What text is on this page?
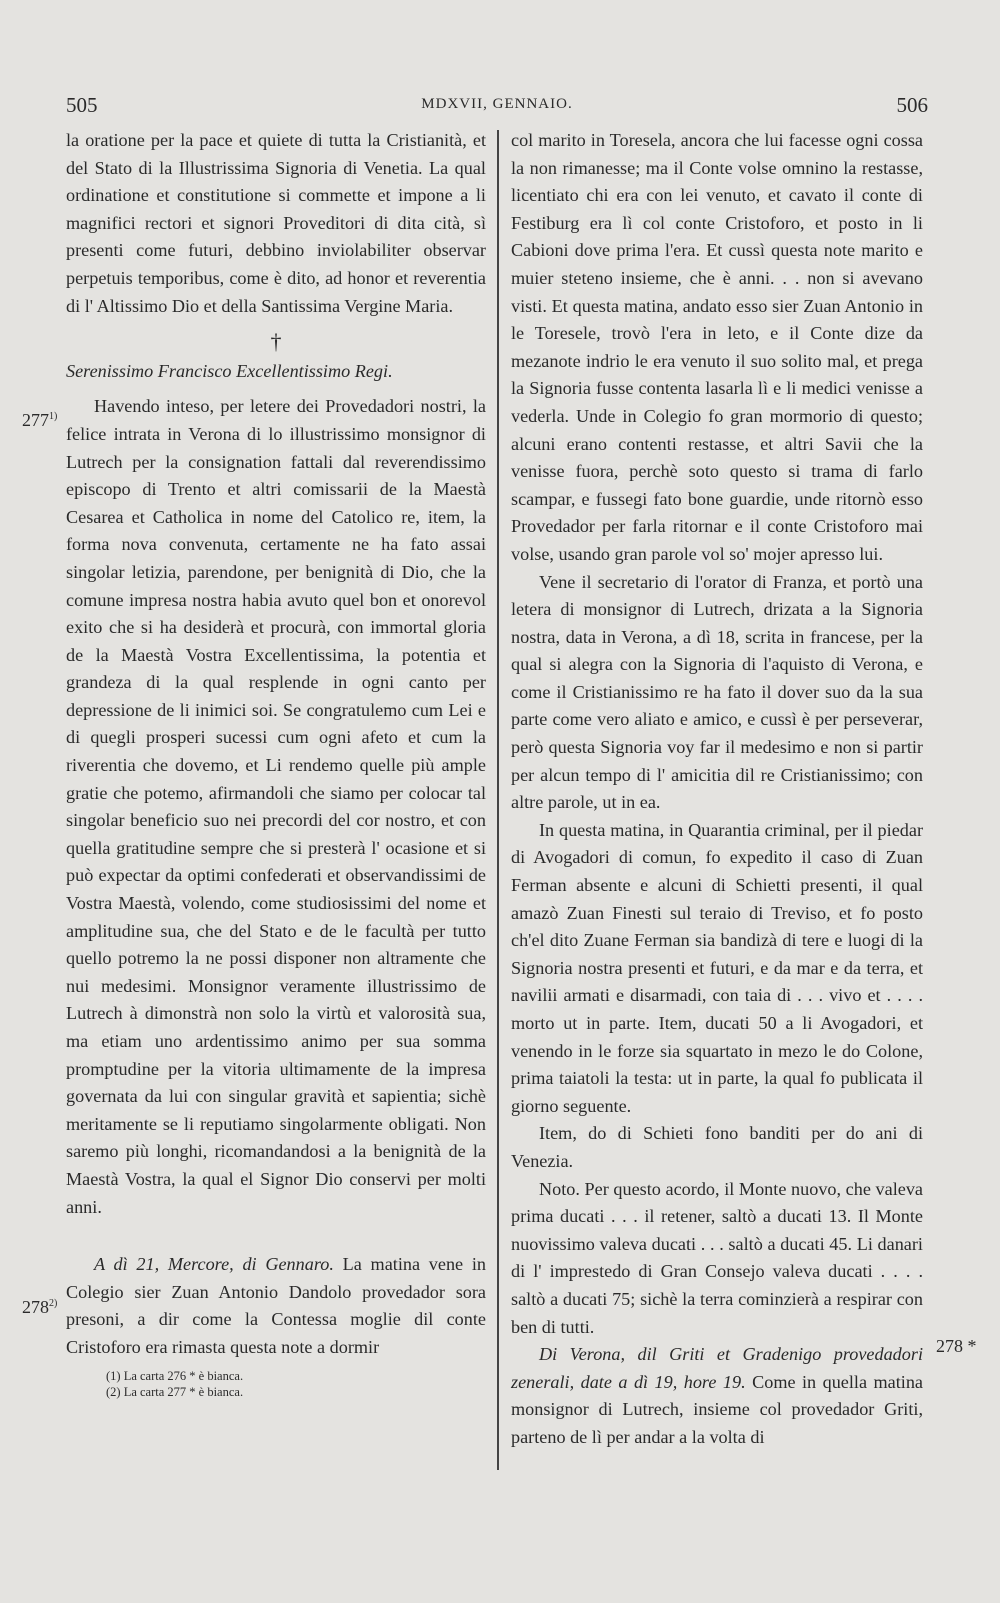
505	MDXVII, GENNAIO.	506

la oratione per la pace et quiete di tutta la Cristianità, et del Stato di la Illustrissima Signoria di Venetia. La qual ordinatione et constitutione si commette et impone a li magnifici rectori et signori Proveditori di dita cità, sì presenti come futuri, debbino inviolabiliter observar perpetuis temporibus, come è dito, ad honor et reverentia di l' Altissimo Dio et della Santissima Vergine Maria.

†

Serenissimo Francisco Excellentissimo Regi.

Havendo inteso, per letere dei Provedadori nostri, la felice intrata in Verona di lo illustrissimo monsignor di Lutrech per la consignation fattali dal reverendissimo episcopo di Trento et altri comissarii de la Maestà Cesarea et Catholica in nome del Catolico re, item, la forma nova convenuta, certamente ne ha fato assai singolar letizia, parendone, per benignità di Dio, che la comune impresa nostra habia avuto quel bon et onorevol exito che si ha desiderà et procurà, con immortal gloria de la Maestà Vostra Excellentissima, la potentia et grandeza di la qual resplende in ogni canto per depressione de li inimici soi. Se congratulemo cum Lei e di quegli prosperi sucessi cum ogni afeto et cum la riverentia che dovemo, et Li rendemo quelle più ample gratie che potemo, afirmandoli che siamo per colocar tal singolar beneficio suo nei precordi del cor nostro, et con quella gratitudine sempre che si presterà l' ocasione et si può expectar da optimi confederati et observandissimi de Vostra Maestà, volendo, come studiosissimi del nome et amplitudine sua, che del Stato e de le facultà per tutto quello potremo la ne possi disponer non altramente che nui medesimi. Monsignor veramente illustrissimo de Lutrech à dimonstrà non solo la virtù et valorosità sua, ma etiam uno ardentissimo animo per sua somma promptudine per la vitoria ultimamente de la impresa governata da lui con singular gravità et sapientia; sichè meritamente se li reputiamo singolarmente obligati. Non saremo più longhi, ricomandandosi a la benignità de la Maestà Vostra, la qual el Signor Dio conservi per molti anni.

A dì 21, Mercore, di Gennaro. La matina vene in Colegio sier Zuan Antonio Dandolo provedador sora presoni, a dir come la Contessa moglie dil conte Cristoforo era rimasta questa note a dormir

(1) La carta 276 * è bianca.
(2) La carta 277 * è bianca.

col marito in Toresela, ancora che lui facesse ogni cossa la non rimanesse; ma il Conte volse omnino la restasse, licentiato chi era con lei venuto, et cavato il conte di Festiburg era lì col conte Cristoforo, et posto in li Cabioni dove prima l'era. Et cussì questa note marito e muier steteno insieme, che è anni. . . non si avevano visti. Et questa matina, andato esso sier Zuan Antonio in le Toresele, trovò l'era in leto, e il Conte dize da mezanote indrio le era venuto il suo solito mal, et prega la Signoria fusse contenta lasarla lì e li medici venisse a vederla. Unde in Colegio fo gran mormorio di questo; alcuni erano contenti restasse, et altri Savii che la venisse fuora, perchè soto questo si trama di farlo scampar, e fussegi fato bone guardie, unde ritornò esso Provedador per farla ritornar e il conte Cristoforo mai volse, usando gran parole vol so' mojer apresso lui.

Vene il secretario di l'orator di Franza, et portò una letera di monsignor di Lutrech, drizata a la Signoria nostra, data in Verona, a dì 18, scrita in francese, per la qual si alegra con la Signoria di l'aquisto di Verona, e come il Cristianissimo re ha fato il dover suo da la sua parte come vero aliato e amico, e cussì è per perseverar, però questa Signoria voy far il medesimo e non si partir per alcun tempo di l' amicitia dil re Cristianissimo; con altre parole, ut in ea.

In questa matina, in Quarantia criminal, per il piedar di Avogadori di comun, fo expedito il caso di Zuan Ferman absente e alcuni di Schietti presenti, il qual amazò Zuan Finesti sul teraio di Treviso, et fo posto ch'el dito Zuane Ferman sia bandizà di tere e luogi di la Signoria nostra presenti et futuri, e da mar e da terra, et navilii armati e disarmadi, con taia di . . . vivo et . . . . morto ut in parte. Item, ducati 50 a li Avogadori, et venendo in le forze sia squartato in mezo le do Colone, prima taiatoli la testa: ut in parte, la qual fo publicata il giorno seguente.

Item, do di Schieti fono banditi per do ani di Venezia.

Noto. Per questo acordo, il Monte nuovo, che valeva prima ducati . . . il retener, saltò a ducati 13. Il Monte nuovissimo valeva ducati . . . saltò a ducati 45. Li danari di l' imprestedo di Gran Consejo valeva ducati . . . . saltò a ducati 75; sichè la terra cominzierà a respirar con ben di tutti.

Di Verona, dil Griti et Gradenigo provedadori zenerali, date a dì 19, hore 19. Come in quella matina monsignor di Lutrech, insieme col provedador Griti, parteno de lì per andar a la volta di

277$^{1)}$
278$^{2)}$
278 *
